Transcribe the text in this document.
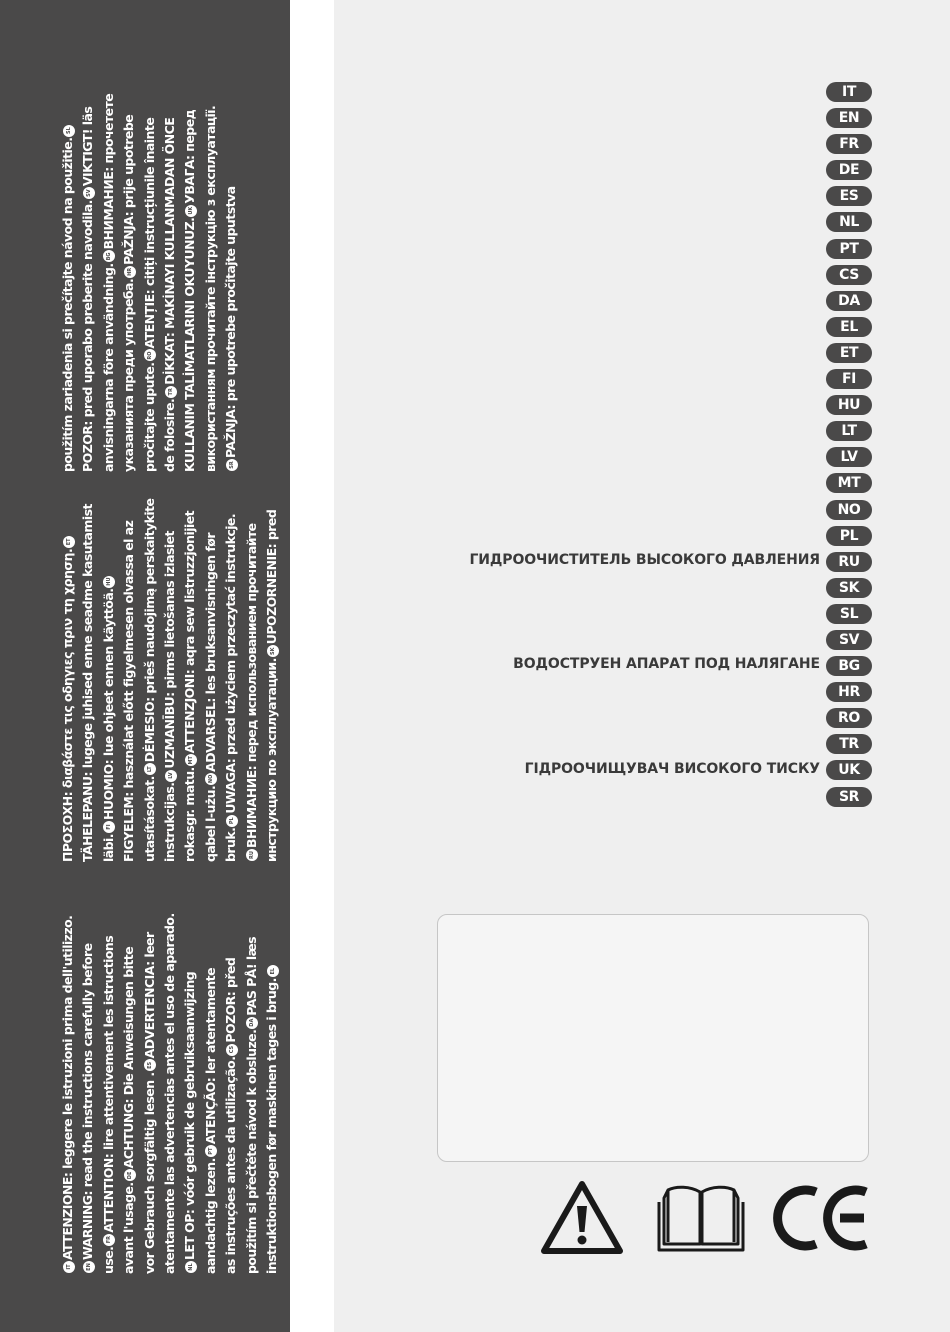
ITATTENZIONE: leggere le istruzioni prima dell'utilizzo.
ENWARNING: read the instructions carefully before
use.FRATTENTION: lire attentivement les istructions avant l'usage.DEACHTUNG: Die Anweisungen bitte
vor Gebrauch sorgfältig lesen .ESADVERTENCIA: leer atentamente las advertencias antes el uso de aparado.	NLLET OP: vóór gebruik de gebruiksaanwijzing aandachtig lezen.PTATENÇÃO: ler atentamente
as instruções antes da utilização.CSPOZOR: před
použitím si přečtěte návod k obsluze.DAPAS PÅ! læs
instruktionsbogen før maskinen tages i brug.EL
ΠΡΟΣΟΧΗ: διαβάστε τις οδηγιες πριν τη χρηση.ET TÄHELEPANU: lugege juhised enne seadme kasutamist läbi.FIHUOMIO: lue ohjeet ennen käyttöä.HU FIGYELEM: használat előtt figyelmesen olvassa el az utasításokat.LTDĖMESIO: prieš naudojimą perskaitykite
instrukcijas.LVUZMANĪBU: pirms lietošanas izlasiet
rokasgr. matu.MTATTENZJONI: aqra sew listruzzjonijiet
qabel l-użu.NOADVARSEL: les bruksanvisningen før
bruk.PLUWAGA: przed użyciem przeczytać instrukcje.
RUВНИМАНИЕ: перед использованием прочитайте инструкцию по эксплуатации.SKUPOZORNENIE: pred
použitím zariadenia si prečítajte návod na použitie.SL
POZOR: pred uporabo preberite navodila.SVVIKTIGT! läs
anvisningarna före användning.BGВНИМАНИЕ: прочетете
указанията преди употреба.HRPAŽNJA: prije upotrebe
pročitajte upute.ROATENȚIE: citiți instrucțiunile înainte
de folosire.TRDİKKAT: MAKİNAYI KULLANMADAN ÖNCE KULLANIM TALİMATLARINI OKUYUNUZ.UKУВАГА: перед використанням прочитайте інструкцію з експлуатації.	SRPAŽNJA: pre upotrebe pročitajte uputstva
IT
EN
FR
DE
ES
NL
PT
CS
DA
EL
ET
FI
HU
LT
LV
MT
NO
PL
RU
SK
SL
SV
BG
HR
RO
TR
UK
SR
ГИДРООЧИСТИТЕЛЬ ВЫСОКОГО ДАВЛЕНИЯ
ВОДОСТРУЕН АПАРАТ ПОД НАЛЯГАНЕ
ГІДРООЧИЩУВАЧ ВИСОКОГО ТИСКУ
